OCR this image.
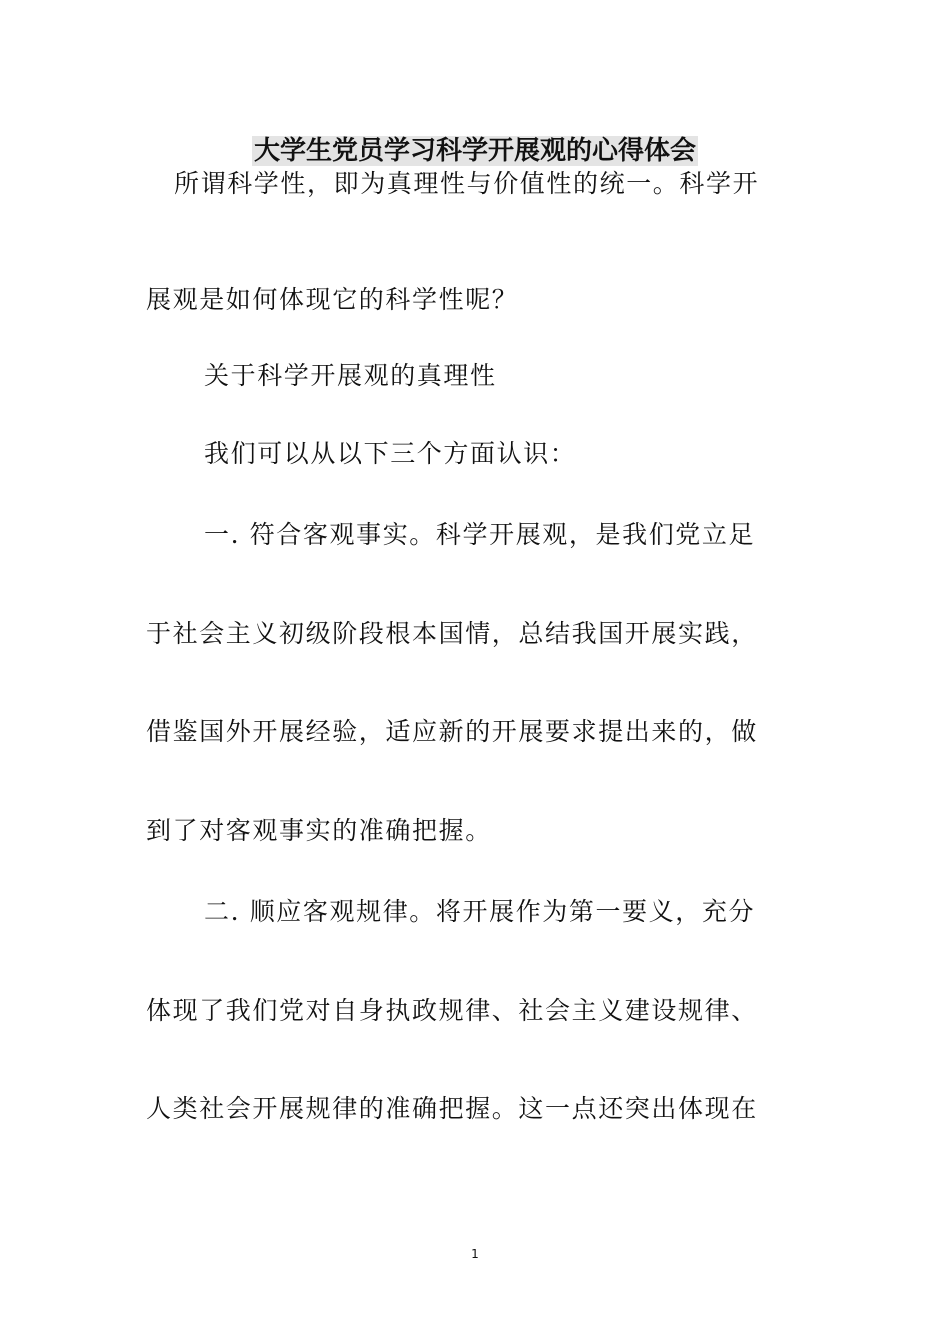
大学生党员学习科学开展观的心得体会
所谓科学性，即为真理性与价值性的统一。科学开
展观是如何体现它的科学性呢？
关于科学开展观的真理性
我们可以从以下三个方面认识：
一. 符合客观事实。科学开展观，是我们党立足
于社会主义初级阶段根本国情，总结我国开展实践，
借鉴国外开展经验，适应新的开展要求提出来的，做
到了对客观事实的准确把握。
二. 顺应客观规律。将开展作为第一要义，充分
体现了我们党对自身执政规律、社会主义建设规律、
人类社会开展规律的准确把握。这一点还突出体现在
1
